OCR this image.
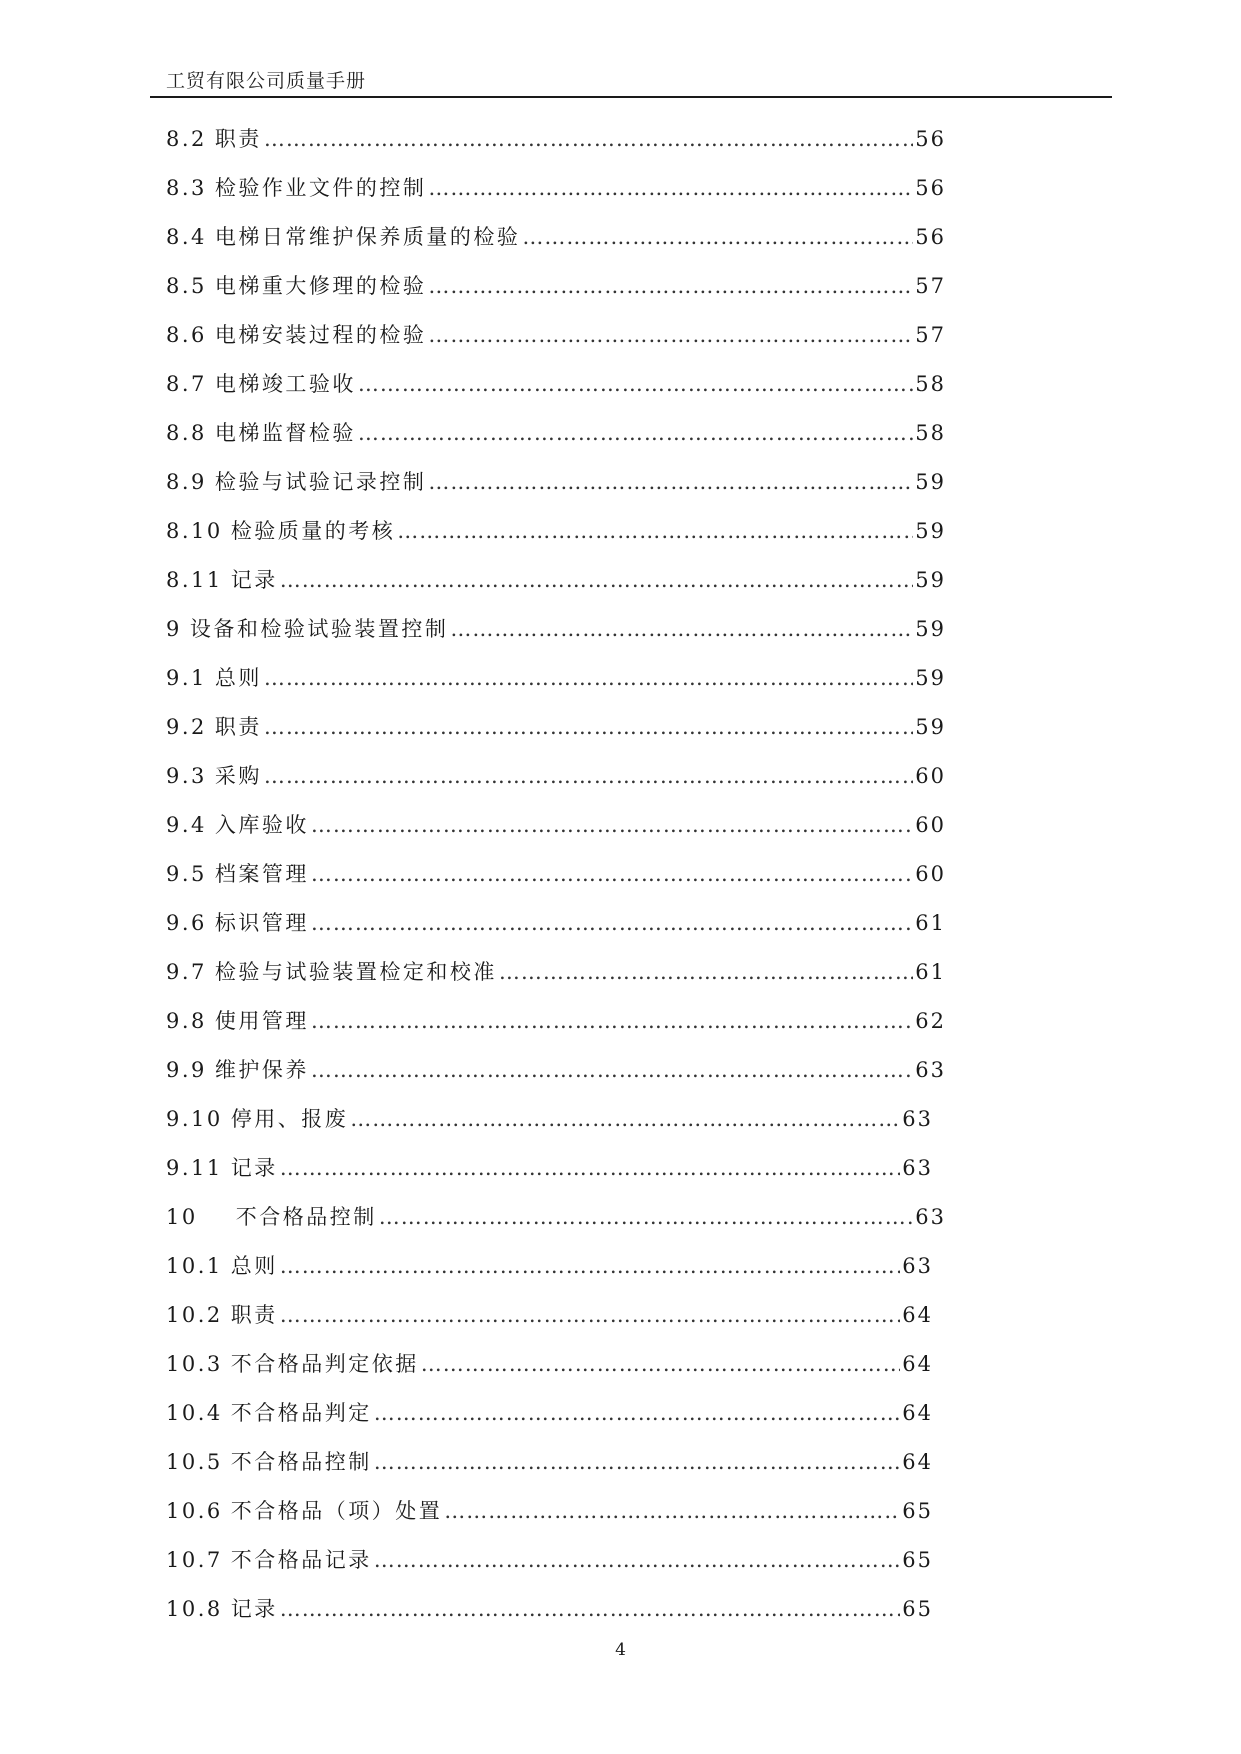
工贸有限公司质量手册
8.2 职责 ……………………………………………………………………………………………………………………………………………………………………………………………………	56
8.3 检验作业文件的控制 ……………………………………………………………………………………………………………………………………………………………………………………………………	56
8.4 电梯日常维护保养质量的检验 ……………………………………………………………………………………………………………………………………………………………………………………………………	56
8.5 电梯重大修理的检验 ……………………………………………………………………………………………………………………………………………………………………………………………………	57
8.6 电梯安装过程的检验 ……………………………………………………………………………………………………………………………………………………………………………………………………	57
8.7 电梯竣工验收 ……………………………………………………………………………………………………………………………………………………………………………………………………	58
8.8 电梯监督检验 ……………………………………………………………………………………………………………………………………………………………………………………………………	58
8.9 检验与试验记录控制 ……………………………………………………………………………………………………………………………………………………………………………………………………	59
8.10 检验质量的考核 ……………………………………………………………………………………………………………………………………………………………………………………………………	59
8.11 记录 ……………………………………………………………………………………………………………………………………………………………………………………………………	59
9 设备和检验试验装置控制 ……………………………………………………………………………………………………………………………………………………………………………………………………	59
9.1 总则 ……………………………………………………………………………………………………………………………………………………………………………………………………	59
9.2 职责 ……………………………………………………………………………………………………………………………………………………………………………………………………	59
9.3 采购 ……………………………………………………………………………………………………………………………………………………………………………………………………	60
9.4 入库验收 ……………………………………………………………………………………………………………………………………………………………………………………………………	60
9.5 档案管理 ……………………………………………………………………………………………………………………………………………………………………………………………………	60
9.6 标识管理 ……………………………………………………………………………………………………………………………………………………………………………………………………	61
9.7 检验与试验装置检定和校准 ……………………………………………………………………………………………………………………………………………………………………………………………………	61
9.8 使用管理 ……………………………………………………………………………………………………………………………………………………………………………………………………	62
9.9 维护保养 ……………………………………………………………………………………………………………………………………………………………………………………………………	63
9.10 停用、报废 ……………………………………………………………………………………………………………………………………………………………………………………………………	63
9.11 记录 ……………………………………………………………………………………………………………………………………………………………………………………………………	63
10 不合格品控制 ……………………………………………………………………………………………………………………………………………………………………………………………………	63
10.1 总则 ……………………………………………………………………………………………………………………………………………………………………………………………………	63
10.2 职责 ……………………………………………………………………………………………………………………………………………………………………………………………………	64
10.3 不合格品判定依据 ……………………………………………………………………………………………………………………………………………………………………………………………………	64
10.4 不合格品判定 ……………………………………………………………………………………………………………………………………………………………………………………………………	64
10.5 不合格品控制 ……………………………………………………………………………………………………………………………………………………………………………………………………	64
10.6 不合格品（项）处置 ……………………………………………………………………………………………………………………………………………………………………………………………………	65
10.7 不合格品记录 ……………………………………………………………………………………………………………………………………………………………………………………………………	65
10.8 记录 ……………………………………………………………………………………………………………………………………………………………………………………………………	65
4
